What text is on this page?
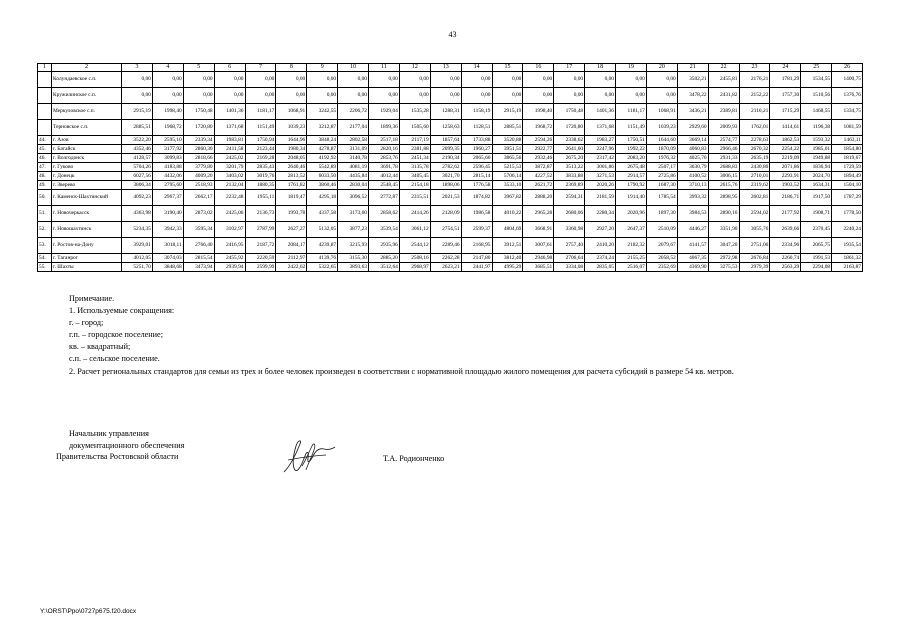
43
1	2	3	4	5	6	7	8	9	10	11	12	13	14	15	16	17	18	19	20	21	22	23	24	25	26
	Колундаевское с.п.	0,00	0,00	0,00	0,00	0,00	0,00	0,00	0,00	0,00	0,00	0,00	0,00	0,00	0,00	0,00	0,00	0,00	0,00	3502,21	2455,81	2176,21	1781,29	1534,55	1400,75
	Кружилинское с.п.	0,00	0,00	0,00	0,00	0,00	0,00	0,00	0,00	0,00	0,00	0,00	0,00	0,00	0,00	0,00	0,00	0,00	0,00	3478,22	2431,82	2152,22	1757,30	1510,56	1376,76
	Меркуловское с.п.	2915,19	1998,40	1750,48	1401,36	1181,17	1068,91	3242,55	2206,72	1929,04	1535,28	1288,31	1158,19	2915,19	1998,40	1750,48	1401,36	1181,17	1068,91	3436,21	2389,81	2110,21	1715,29	1468,55	1334,75
	Терновское с.п.	2885,51	1968,72	1720,80	1371,68	1151,49	1039,23	3212,87	2177,04	1899,36	1505,60	1258,63	1128,51	2885,51	1968,72	1720,80	1371,68	1151,49	1039,23	2929,60	2009,93	1762,01	1414,61	1196,38	1081,59
44.	г. Азов	3522,20	2595,10	2339,34	1983,81	1750,94	1644,96	3848,24	2802,58	2517,18	2117,19	1857,64	1733,88	3520,88	2594,26	2338,62	1983,27	1750,51	1644,60	3669,14	2574,77	2278,63	1862,53	1593,32	1463,11
45.	г. Батайск	4352,46	3177,92	2860,30	2411,58	2123,44	1980,34	4278,87	3131,09	2820,16	2381,88	2099,35	1960,27	3951,51	2922,77	2641,60	2247,96	1992,22	1870,09	4060,83	2966,46	2670,32	2254,22	1985,01	1854,80
46.	г. Волгодонск	4128,57	3099,83	2818,66	2425,02	2169,28	2048,05	4192,92	3140,78	2853,76	2451,34	2190,34	2065,60	3865,56	2932,46	2675,20	2317,42	2083,20	1976,32	4025,70	2931,33	2635,19	2219,09	1949,88	1819,67
47.	г. Гуково	5704,26	4183,88	3779,80	3201,79	2835,43	2640,46	5542,89	4081,19	3691,78	3135,78	2782,62	2596,45	5215,53	3872,87	3513,22	3001,86	2675,48	2507,17	3630,79	2688,83	2430,80	2071,86	1836,94	1729,59
48.	г. Донецк	6027,56	4432,06	4009,20	3403,02	3019,76	2813,52	6033,50	4435,84	4012,44	3405,45	3021,70	2815,14	5706,14	4227,52	3833,88	3271,53	2914,57	2725,86	4100,52	3006,15	2710,01	2293,91	2024,70	1894,49
49.	г. Зверево	3806,34	2795,60	2518,93	2132,04	1880,35	1761,82	3860,46	2830,04	2548,45	2154,18	1898,06	1776,58	3533,10	2621,72	2369,89	2020,26	1790,92	1687,30	3710,13	2615,76	2319,62	1903,52	1634,31	1504,10
50.	г. Каменск-Шахтинский	4092,23	2967,37	2662,17	2232,48	1955,11	1819,47	4295,18	3096,52	2772,87	2315,51	2021,53	1874,82	3967,82	2888,20	2594,31	2181,59	1914,40	1785,54	3993,32	2898,95	2602,81	2186,71	1917,50	1787,29
51.	г. Новочеркасск	4363,98	3190,40	2873,02	2425,06	2136,73	1993,78	4337,58	3173,60	2858,62	2414,26	2128,09	1986,58	4010,22	2965,28	2680,06	2280,34	2020,96	1897,30	3984,53	2890,16	2594,02	2177,92	1908,71	1778,50
52.	г. Новошахтинск	5234,35	3942,33	3595,34	3102,97	2787,99	2627,27	5132,05	3877,23	3539,54	3061,12	2754,51	2599,37	4804,69	3668,91	3360,98	2927,20	2647,37	2510,09	4446,27	3351,90	3055,76	2639,66	2370,45	2240,24
53.	г. Ростов-на-Дону	3929,01	3018,11	2766,40	2416,95	2187,72	2084,17	4239,87	3215,93	2935,96	2544,12	2289,46	2168,95	3912,51	3007,61	2757,40	2410,20	2182,32	2079,67	4141,57	3047,20	2751,06	2334,96	2065,75	1935,54
54.	г. Таганрог	4012,05	3074,03	2815,54	2455,92	2220,59	2112,97	4139,76	3155,30	2885,20	2508,16	2262,28	2147,80	3812,40	2946,98	2706,64	2374,24	2155,25	2058,52	4067,35	2972,98	2676,84	2260,74	1991,53	1861,32
55.	г. Шахты	5251,70	3848,68	3473,94	2939,94	2599,99	2422,62	5322,65	3893,63	3512,64	2968,97	2623,21	2441,97	4995,29	3685,51	3334,08	2835,05	2516,07	2352,69	4369,90	3275,53	2979,39	2563,29	2294,08	2163,87

Примечание.

1. Используемые сокращения:

г. – город;

г.п. – городское поселение;

кв. – квадратный;

с.п. – сельское поселение.

2. Расчет региональных стандартов для семьи из трех и более человек произведен в соответствии с нормативной площадью жилого помещения для расчета субсидий в размере 54 кв. метров.

Начальник управления
документационного обеспечения
Правительства Ростовской области	Т.А. Родионченко
Y:\ORST\Ppo\0727p675.f20.docx
